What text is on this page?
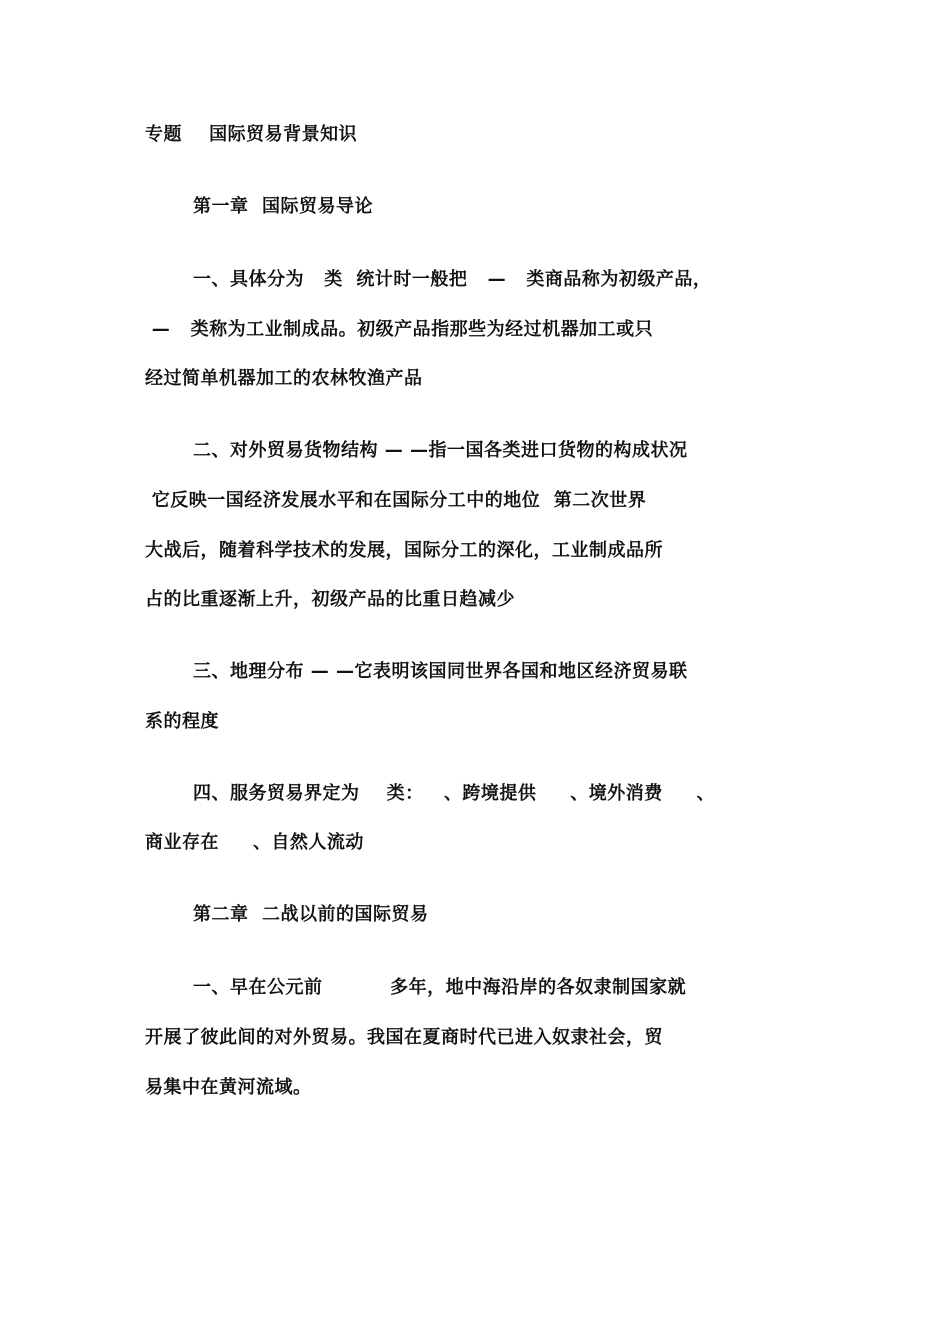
专题    国际贸易背景知识
第一章  国际贸易导论
一、具体分为   类  统计时一般把   —   类商品称为初级产品，
—   类称为工业制成品。初级产品指那些为经过机器加工或只
经过简单机器加工的农林牧渔产品
二、对外贸易货物结构 — —指一国各类进口货物的构成状况
它反映一国经济发展水平和在国际分工中的地位  第二次世界
大战后，随着科学技术的发展，国际分工的深化，工业制成品所
占的比重逐渐上升，初级产品的比重日趋减少
三、地理分布 — —它表明该国同世界各国和地区经济贸易联
系的程度
四、服务贸易界定为    类：   、跨境提供     、境外消费     、
商业存在     、自然人流动
第二章  二战以前的国际贸易
一、早在公元前          多年，地中海沿岸的各奴隶制国家就
开展了彼此间的对外贸易。我国在夏商时代已进入奴隶社会，贸
易集中在黄河流域。
